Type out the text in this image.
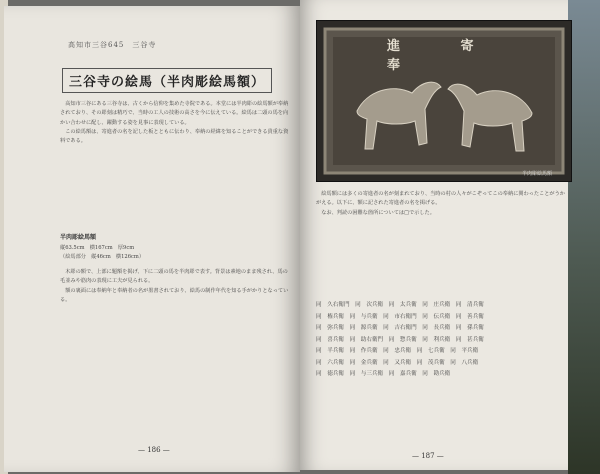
高知市三谷645　三谷寺
三谷寺の絵馬（半肉彫絵馬額）
　高知市三谷にある三谷寺は、古くから信仰を集めた寺院である。本堂には半肉彫の絵馬額が奉納されており、その彫刻は精巧で、当時の工人の技術の高さを今に伝えている。絵馬は二頭の馬を向かい合わせに配し、躍動する姿を見事に表現している。
　この絵馬額は、寄進者の名を記した板とともに伝わり、奉納の経緯を知ることができる貴重な資料である。
半肉彫絵馬額
縦63.5cm　横167cm　厚9cm
（絵馬部分　縦46cm　横126cm）
　木彫の額で、上部に題額を掲げ、下に二頭の馬を半肉彫で表す。背景は素地のまま残され、馬の毛並みや筋肉の表現に工夫が見られる。
　額の裏面には奉納年と奉納者の名が墨書されており、絵馬の制作年代を知る手がかりとなっている。
— 186 —
進 寄 奉
半肉彫絵馬額
　絵馬額には多くの寄進者の名が刻まれており、当時の村の人々がこぞってこの奉納に関わったことがうかがえる。以下に、額に記された寄進者の名を掲げる。
　なお、判読の困難な箇所については□で示した。
同　久右衛門　同　次兵衛　同　太兵衛　同　庄兵衛　同　清兵衛
同　権兵衛　同　与兵衛　同　市右衛門　同　伝兵衛　同　善兵衛
同　弥兵衛　同　源兵衛　同　吉右衛門　同　長兵衛　同　孫兵衛
同　喜兵衛　同　助右衛門　同　惣兵衛　同　利兵衛　同　甚兵衛
同　半兵衛　同　作兵衛　同　忠兵衛　同　七兵衛　同　平兵衛
同　六兵衛　同　金兵衛　同　又兵衛　同　茂兵衛　同　八兵衛
同　徳兵衛　同　与三兵衛　同　嘉兵衛　同　勘兵衛
— 187 —
